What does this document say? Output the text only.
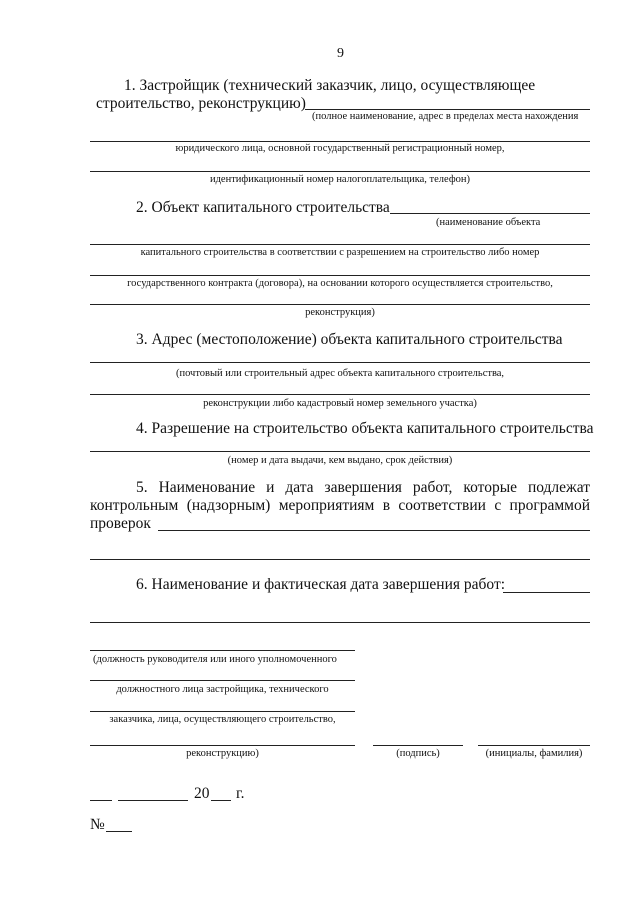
9
1. Застройщик (технический заказчик, лицо, осуществляющее
строительство, реконструкцию)
(полное наименование, адрес в пределах места нахождения
юридического лица, основной государственный регистрационный номер,
идентификационный номер налогоплательщика, телефон)
2. Объект капитального строительства
(наименование объекта
капитального строительства в соответствии с разрешением на строительство либо номер
государственного контракта (договора), на основании которого осуществляется строительство,
реконструкция)
3. Адрес (местоположение) объекта капитального строительства
(почтовый или строительный адрес объекта капитального строительства,
реконструкции либо кадастровый номер земельного участка)
4. Разрешение на строительство объекта капитального строительства
(номер и дата выдачи, кем выдано, срок действия)
5. Наименование и дата завершения работ, которые подлежат
контрольным (надзорным) мероприятиям в соответствии с программой
проверок
6. Наименование и фактическая дата завершения работ:
(должность руководителя или иного уполномоченного
должностного лица застройщика, технического
заказчика, лица, осуществляющего строительство,
реконструкцию)	(подпись)	(инициалы, фамилия)
20 г.
№
